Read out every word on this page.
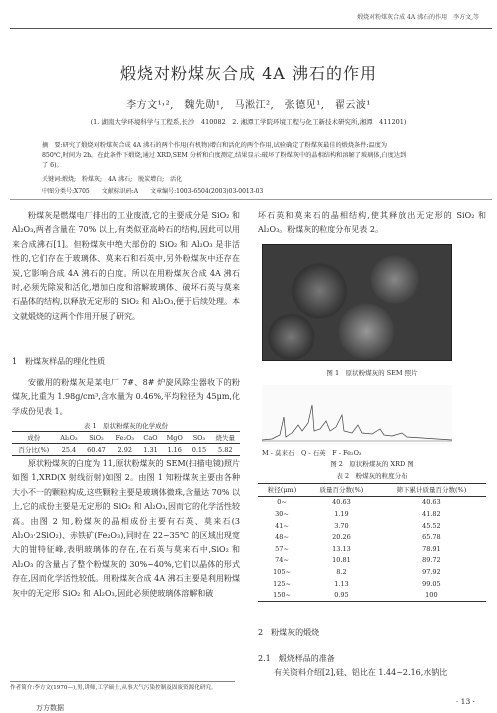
煅烧对粉煤灰合成 4A 沸石的作用　李方文,等
煅烧对粉煤灰合成 4A 沸石的作用
李方文¹˒²,　魏先勋¹,　马淞江²,　张德见¹,　翟云波¹
(1. 湖南大学环境科学与工程系,长沙　410082　2. 湘潭工学院环境工程与化工新技术研究所,湘潭　411201)
摘　要:研究了煅烧对粉煤灰合成 4A 沸石的两个作用(有机物)增白和活化的两个作用,试验确定了粉煤灰最佳的煅烧条件:温度为
850℃,时间为 2h。在此条件下煅烧,通过 XRD,SEM 分析和白度测定,结果显示:破坏了粉煤灰中的晶相结构和溶解了玻璃体,白度达到
了 6)。
关键词:煅烧;　粉煤灰;　4A 沸石;　脱炭增白;　活化
中图分类号:X705　　文献标识码:A　　文章编号:1003-6504(2003)03-0013-03

粉煤灰是燃煤电厂排出的工业废渣,它的主要成分是 SiO₂ 和 Al₂O₃,两者含量在 70% 以上,有类似亚高岭石的结构,因此可以用来合成沸石[1]。但粉煤灰中绝大部份的 SiO₂ 和 Al₂O₃ 是非活性的,它们存在于玻璃体、莫来石和石英中,另外粉煤灰中还存在炭,它影响合成 4A 沸石的白度。所以在用粉煤灰合成 4A 沸石时,必须先除炭和活化,增加白度和溶解玻璃体、破坏石英与莫来石晶体的结构,以释放无定形的 SiO₂ 和 Al₂O₃,便于后续处理。本文就煅烧的这两个作用开展了研究。

1　粉煤灰样品的理化性质

安徽用的粉煤灰是某电厂 7#、8# 炉旋风除尘器收下的粉煤灰,比重为 1.98g/cm³,含水量为 0.46%,平均粒径为 45μm,化学成份见表 1。

表 1　原状粉煤灰的化学成份
成份	Al₂O₃	SiO₂	Fe₂O₃	CaO	MgO	SO₃	烧失量
百分比(%)	25.4	60.47	2.92	1.31	1.16	0.15	5.82

原状粉煤灰的白度为 11,原状粉煤灰的 SEM(扫描电镜)照片如图 1,XRD(X 射线衍射)如图 2。由图 1 知粉煤灰主要由各种大小不一的颗粒构成,这些颗粒主要是玻璃体微珠,含量达 70% 以上,它的成份主要是无定形的 SiO₂ 和 Al₂O₃,因而它的化学活性较高。由图 2 知,粉煤灰的晶相成份主要有石英、莫来石(3 Al₂O₃·2SiO₂)、赤铁矿(Fe₂O₃),同时在 22~35℃ 的区域出现宽大的钳特征峰,表明玻璃体的存在,在石英与莫来石中,SiO₂ 和 Al₂O₃ 的含量占了整个粉煤灰的 30%~40%,它们以晶体的形式存在,因而化学活性较低。用粉煤灰合成 4A 沸石主要是利用粉煤灰中的无定形 SiO₂ 和 Al₂O₃,因此必须使玻璃体溶解和破

作者简介:李方文(1970—),男,讲师,工学硕士,从事大气污染控制及固废资源化研究。
万方数据
坏石英和莫来石的晶相结构,使其释放出无定形的 SiO₂ 和 Al₂O₃。粉煤灰的粒度分布见表 2。
图 1　原状粉煤灰的 SEM 照片
M - 莫来石　Q - 石英　F - Fe₂O₃
图 2　原状粉煤灰的 XRD 图
表 2　粉煤灰的粒度分布
粒径(μm)	质量百分数(%)	筛下累计质量百分数(%)
0~	40.63	40.63
30~	1.19	41.82
41~	3.70	45.52
48~	20.26	65.78
57~	13.13	78.91
74~	10.81	89.72
105~	8.2	97.92
125~	1.13	99.05
150~	0.95	100
2　粉煤灰的煅烧
2.1　煅烧样品的准备

有关资料介绍[2],硅、铝比在 1.44~2.16,水钠比

· 13 ·
